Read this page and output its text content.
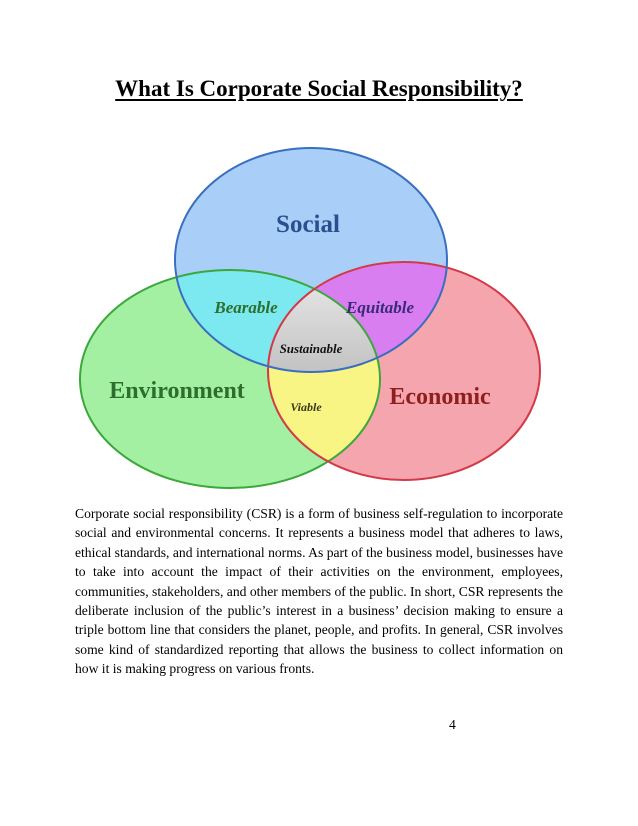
What Is Corporate Social Responsibility?
Social
Environment	Economic
Bearable	Equitable
Sustainable
Viable

Corporate social responsibility (CSR) is a form of business self-regulation to incorporate social and environmental concerns. It represents a business model that adheres to laws, ethical standards, and international norms. As part of the business model, businesses have to take into account the impact of their activities on the environment, employees, communities, stakeholders, and other members of the public. In short, CSR represents the deliberate inclusion of the public’s interest in a business’ decision making to ensure a triple bottom line that considers the planet, people, and profits. In general, CSR involves some kind of standardized reporting that allows the business to collect information on how it is making progress on various fronts.

4
